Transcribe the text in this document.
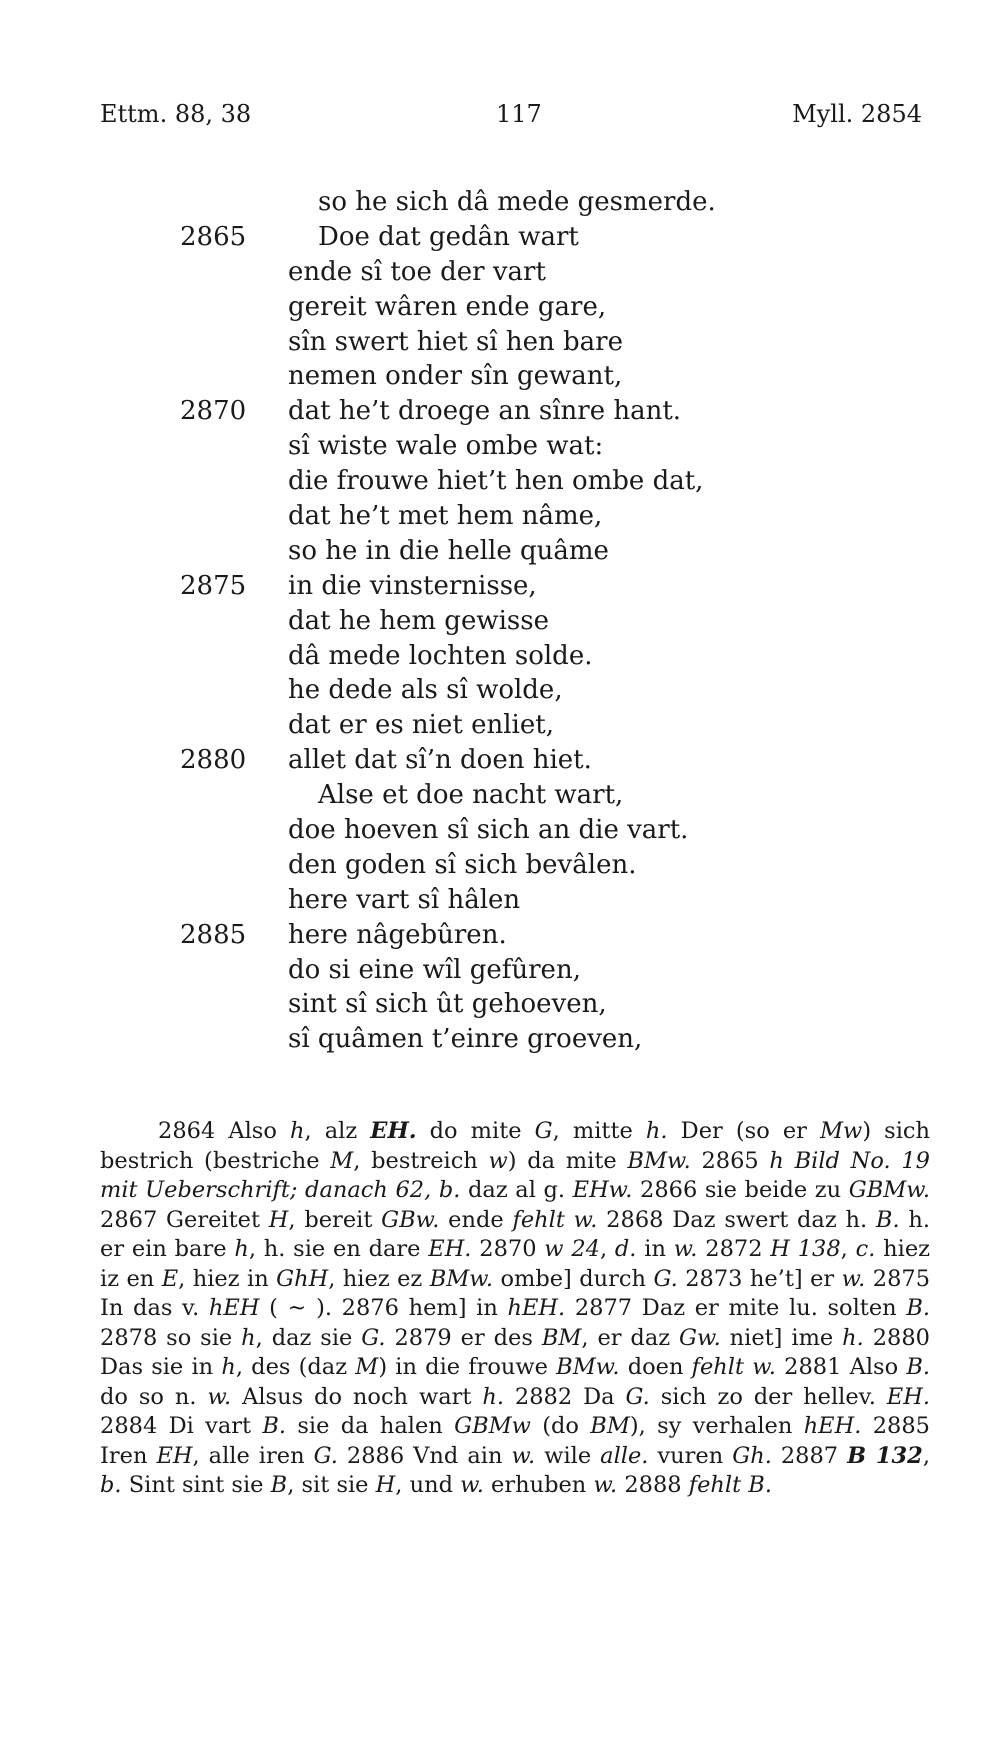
Ettm. 88, 38	117	Myll. 2854
so he sich dâ mede gesmerde.
2865	Doe dat gedân wart
ende sî toe der vart
gereit wâren ende gare,
sîn swert hiet sî hen bare
nemen onder sîn gewant,
2870	dat he’t droege an sînre hant.
sî wiste wale ombe wat:
die frouwe hiet’t hen ombe dat,
dat he’t met hem nâme,
so he in die helle quâme
2875	in die vinsternisse,
dat he hem gewisse
dâ mede lochten solde.
he dede als sî wolde,
dat er es niet enliet,
2880	allet dat sî’n doen hiet.
Alse et doe nacht wart,
doe hoeven sî sich an die vart.
den goden sî sich bevâlen.
here vart sî hâlen
2885	here nâgebûren.
do si eine wîl gefûren,
sint sî sich ût gehoeven,
sî quâmen t’einre groeven,

2864 Also h, alz EH. do mite G, mitte h. Der (so er Mw) sich bestrich (bestriche M, bestreich w) da mite BMw. 2865 h Bild No. 19 mit Ueberschrift; danach 62, b. daz al g. EHw. 2866 sie beide zu GBMw. 2867 Gereitet H, bereit GBw. ende fehlt w. 2868 Daz swert daz h. B. h. er ein bare h, h. sie en dare EH. 2870 w 24, d. in w. 2872 H 138, c. hiez iz en E, hiez in GhH, hiez ez BMw. ombe] durch G. 2873 he’t] er w. 2875 In das v. hEH ( ~ ). 2876 hem] in hEH. 2877 Daz er mite lu. solten B. 2878 so sie h, daz sie G. 2879 er des BM, er daz Gw. niet] ime h. 2880 Das sie in h, des (daz M) in die frouwe BMw. doen fehlt w. 2881 Also B. do so n. w. Alsus do noch wart h. 2882 Da G. sich zo der hellev. EH. 2884 Di vart B. sie da halen GBMw (do BM), sy verhalen hEH. 2885 Iren EH, alle iren G. 2886 Vnd ain w. wile alle. vuren Gh. 2887 B 132, b. Sint sint sie B, sit sie H, und w. erhuben w. 2888 fehlt B.
